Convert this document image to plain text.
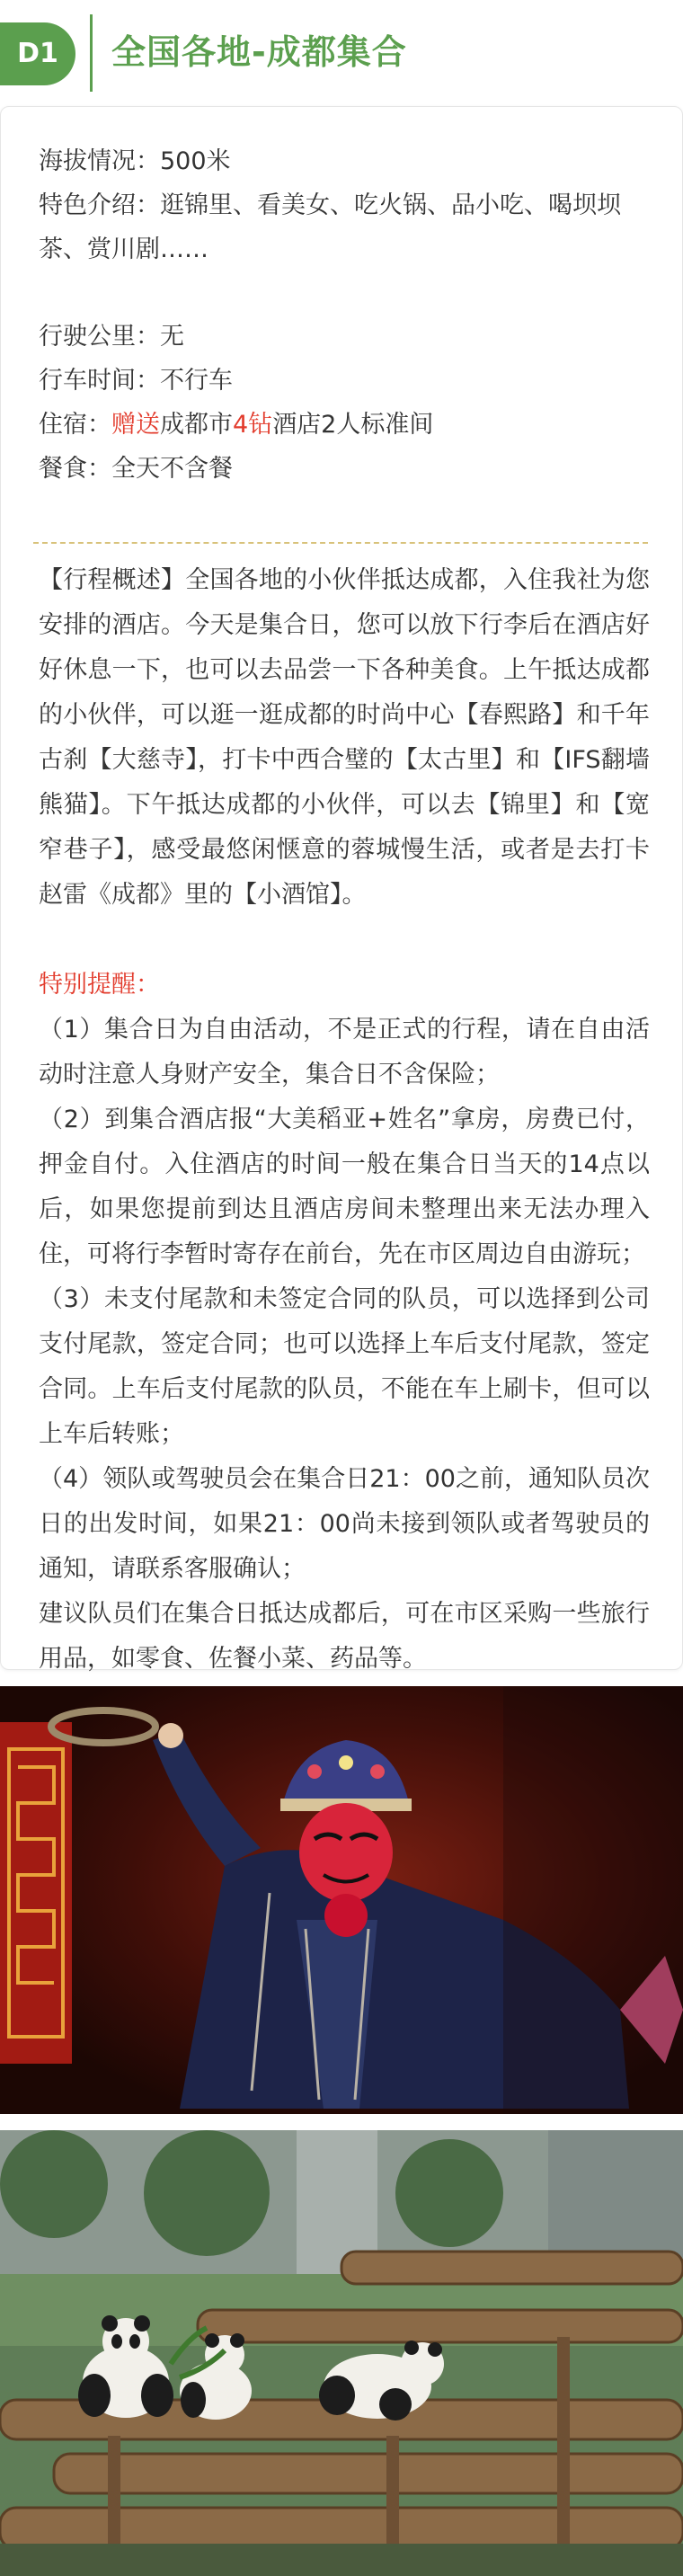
D1	全国各地-成都集合

海拔情况：500米

特色介绍：逛锦里、看美女、吃火锅、品小吃、喝坝坝茶、赏川剧……

行驶公里：无

行车时间：不行车

住宿：赠送成都市4钻酒店2人标准间

餐食：全天不含餐

【行程概述】全国各地的小伙伴抵达成都，入住我社为您安排的酒店。今天是集合日，您可以放下行李后在酒店好好休息一下，也可以去品尝一下各种美食。上午抵达成都的小伙伴，可以逛一逛成都的时尚中心【春熙路】和千年古刹【大慈寺】，打卡中西合璧的【太古里】和【IFS翻墙熊猫】。下午抵达成都的小伙伴，可以去【锦里】和【宽窄巷子】，感受最悠闲惬意的蓉城慢生活，或者是去打卡赵雷《成都》里的【小酒馆】。

特别提醒：

（1）集合日为自由活动，不是正式的行程，请在自由活动时注意人身财产安全，集合日不含保险；

（2）到集合酒店报“大美稻亚+姓名”拿房，房费已付，押金自付。入住酒店的时间一般在集合日当天的14点以后，如果您提前到达且酒店房间未整理出来无法办理入住，可将行李暂时寄存在前台，先在市区周边自由游玩；

（3）未支付尾款和未签定合同的队员，可以选择到公司支付尾款，签定合同；也可以选择上车后支付尾款，签定合同。上车后支付尾款的队员，不能在车上刷卡，但可以上车后转账；

（4）领队或驾驶员会在集合日21：00之前，通知队员次日的出发时间，如果21：00尚未接到领队或者驾驶员的通知，请联系客服确认；

建议队员们在集合日抵达成都后，可在市区采购一些旅行用品，如零食、佐餐小菜、药品等。
